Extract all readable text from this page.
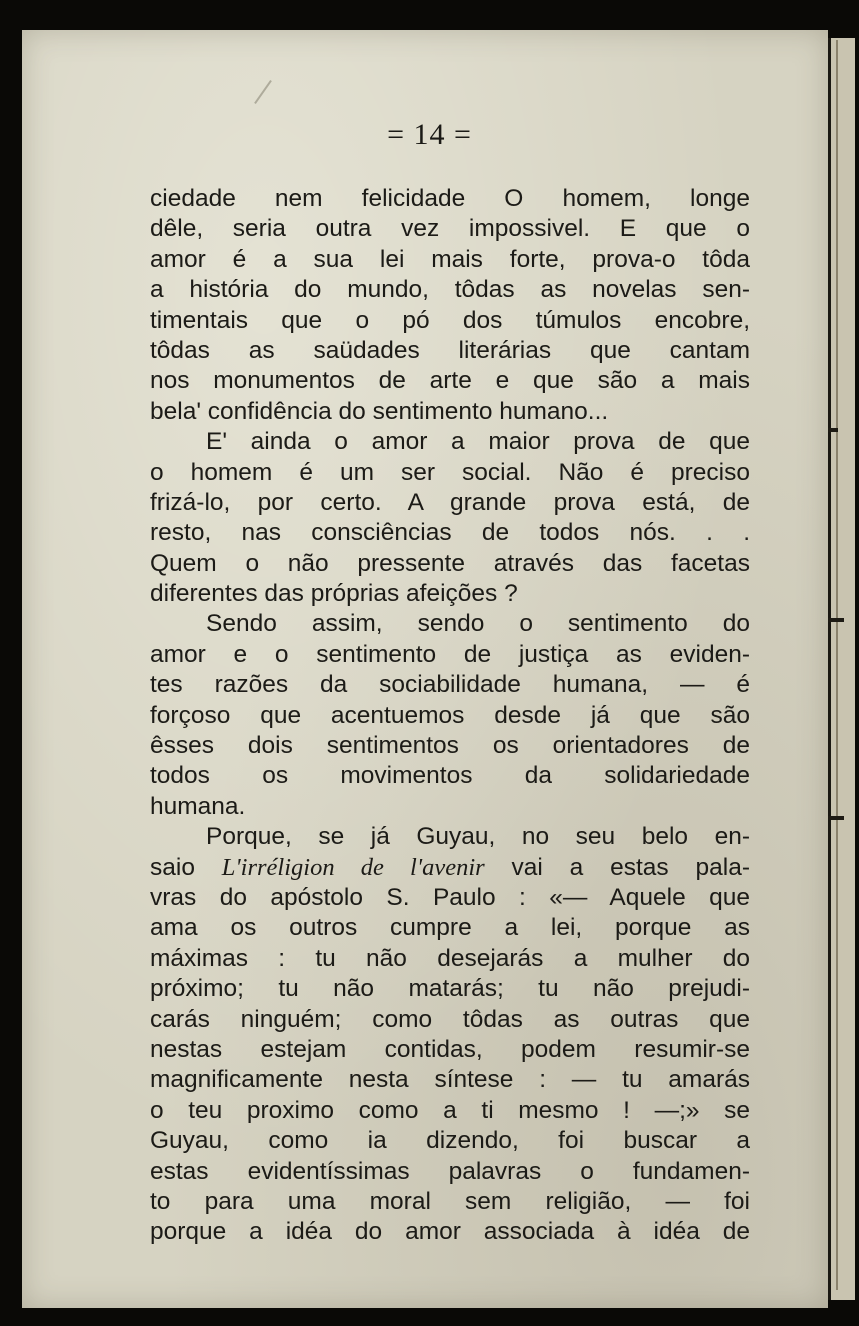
= 14 =
ciedade nem felicidade O homem, longe
dêle, seria outra vez impossivel. E que o
amor é a sua lei mais forte, prova-o tôda
a história do mundo, tôdas as novelas sen-
timentais que o pó dos túmulos encobre,
tôdas as saüdades literárias que cantam
nos monumentos de arte e que são a mais
bela' confidência do sentimento humano...
E' ainda o amor a maior prova de que
o homem é um ser social. Não é preciso
frizá-lo, por certo. A grande prova está, de
resto, nas consciências de todos nós. . .
Quem o não pressente através das facetas
diferentes das próprias afeições ?
Sendo assim, sendo o sentimento do
amor e o sentimento de justiça as eviden-
tes razões da sociabilidade humana, — é
forçoso que acentuemos desde já que são
êsses dois sentimentos os orientadores de
todos os movimentos da solidariedade
humana.
Porque, se já Guyau, no seu belo en-
saio L'irréligion de l'avenir vai a estas pala-
vras do apóstolo S. Paulo : «— Aquele que
ama os outros cumpre a lei, porque as
máximas : tu não desejarás a mulher do
próximo; tu não matarás; tu não prejudi-
carás ninguém; como tôdas as outras que
nestas estejam contidas, podem resumir-se
magnificamente nesta síntese : — tu amarás
o teu proximo como a ti mesmo ! —;» se
Guyau, como ia dizendo, foi buscar a
estas evidentíssimas palavras o fundamen-
to para uma moral sem religião, — foi
porque a idéa do amor associada à idéa de
